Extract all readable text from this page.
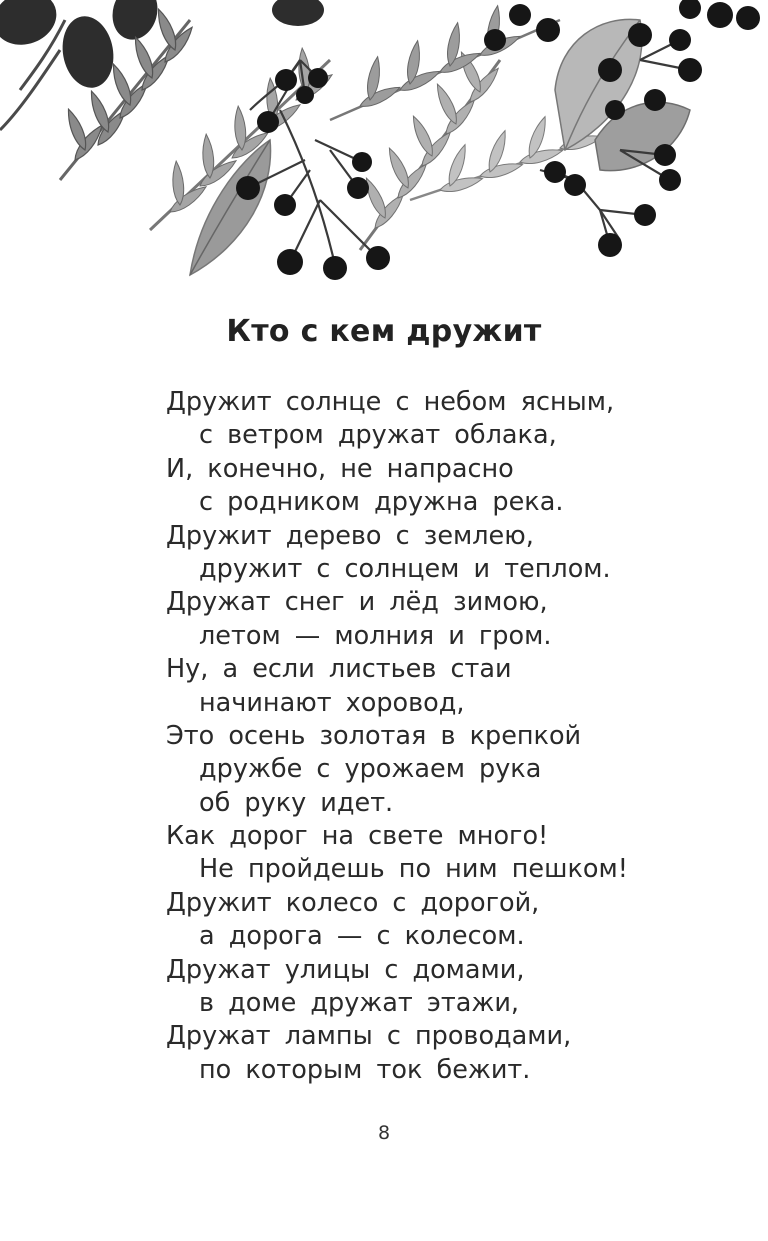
Кто с кем дружит
Дружит солнце с небом ясным,
с ветром дружат облака,
И, конечно, не напрасно
с родником дружна река.
Дружит дерево с землею,
дружит с солнцем и теплом.
Дружат снег и лёд зимою,
летом — молния и гром.
Ну, а если листьев стаи
начинают хоровод,
Это осень золотая в крепкой
дружбе с урожаем рука
об руку идет.
Как дорог на свете много!
Не пройдешь по ним пешком!
Дружит колесо с дорогой,
а дорога — с колесом.
Дружат улицы с домами,
в доме дружат этажи,
Дружат лампы с проводами,
по которым ток бежит.
8
